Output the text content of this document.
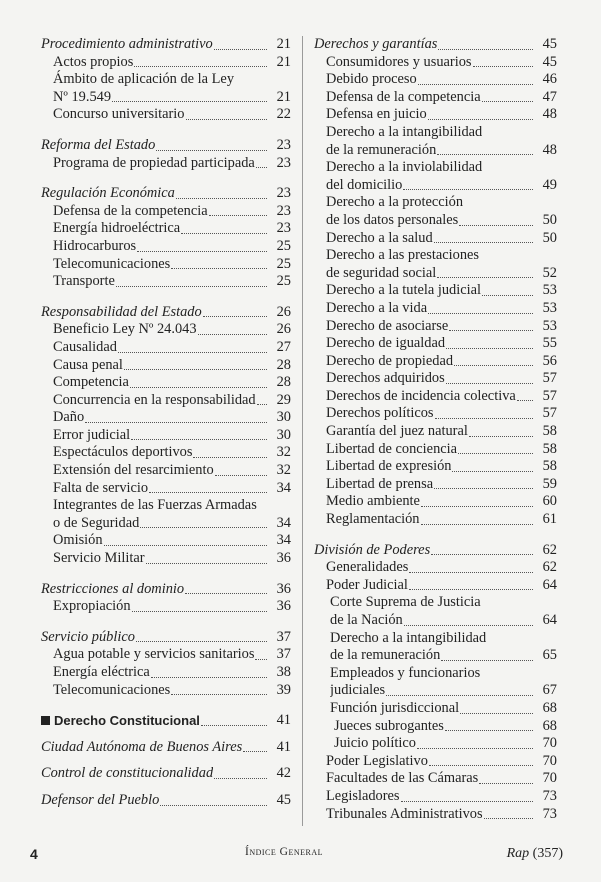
Procedimiento administrativo	21
Actos propios	21
Ámbito de aplicación de la Ley
Nº 19.549	21
Concurso universitario	22
Reforma del Estado	23
Programa de propiedad participada	23
Regulación Económica	23
Defensa de la competencia	23
Energía hidroeléctrica	23
Hidrocarburos	25
Telecomunicaciones	25
Transporte	25
Responsabilidad del Estado	26
Beneficio Ley Nº 24.043	26
Causalidad	27
Causa penal	28
Competencia	28
Concurrencia en la responsabilidad	29
Daño	30
Error judicial	30
Espectáculos deportivos	32
Extensión del resarcimiento	32
Falta de servicio	34
Integrantes de las Fuerzas Armadas
o de Seguridad	34
Omisión	34
Servicio Militar	36
Restricciones al dominio	36
Expropiación	36
Servicio público	37
Agua potable y servicios sanitarios	37
Energía eléctrica	38
Telecomunicaciones	39
Derecho Constitucional	41
Ciudad Autónoma de Buenos Aires	41
Control de constitucionalidad	42
Defensor del Pueblo	45
Derechos y garantías	45
Consumidores y usuarios	45
Debido proceso	46
Defensa de la competencia	47
Defensa en juicio	48
Derecho a la intangibilidad
de la remuneración	48
Derecho a la inviolabilidad
del domicilio	49
Derecho a la protección
de los datos personales	50
Derecho a la salud	50
Derecho a las prestaciones
de seguridad social	52
Derecho a la tutela judicial	53
Derecho a la vida	53
Derecho de asociarse	53
Derecho de igualdad	55
Derecho de propiedad	56
Derechos adquiridos	57
Derechos de incidencia colectiva	57
Derechos políticos	57
Garantía del juez natural	58
Libertad de conciencia	58
Libertad de expresión	58
Libertad de prensa	59
Medio ambiente	60
Reglamentación	61
División de Poderes	62
Generalidades	62
Poder Judicial	64
Corte Suprema de Justicia
de la Nación	64
Derecho a la intangibilidad
de la remuneración	65
Empleados y funcionarios
judiciales	67
Función jurisdiccional	68
Jueces subrogantes	68
Juicio político	70
Poder Legislativo	70
Facultades de las Cámaras	70
Legisladores	73
Tribunales Administrativos	73
4	Índice General	Rap (357)
